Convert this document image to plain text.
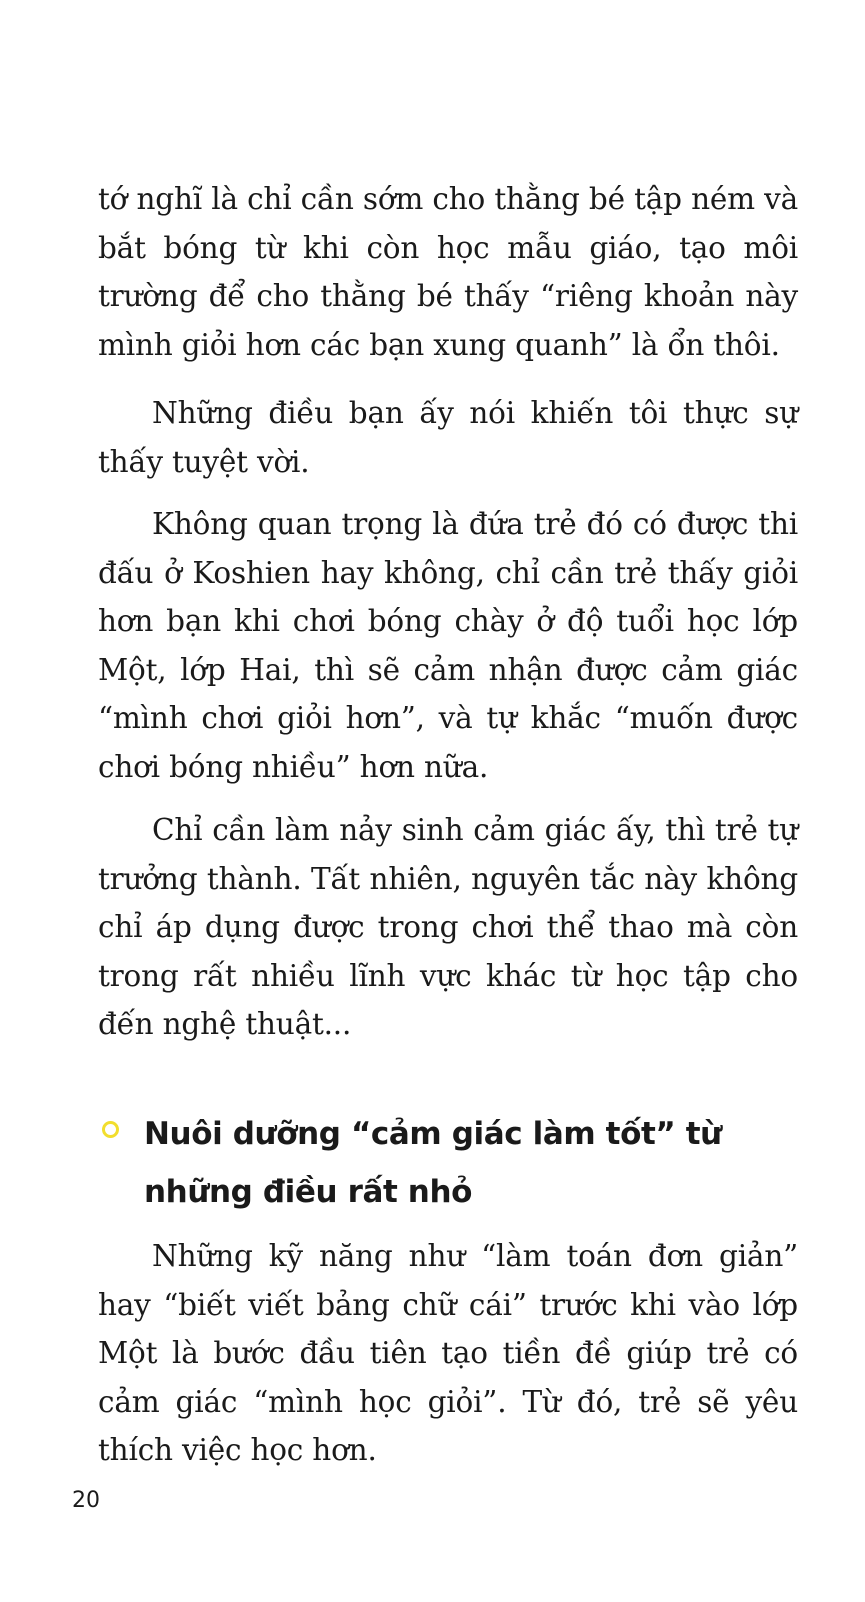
tớ nghĩ là chỉ cần sớm cho thằng bé tập ném và bắt bóng từ khi còn học mẫu giáo, tạo môi trường để cho thằng bé thấy “riêng khoản này mình giỏi hơn các bạn xung quanh” là ổn thôi.

Những điều bạn ấy nói khiến tôi thực sự thấy tuyệt vời.

Không quan trọng là đứa trẻ đó có được thi đấu ở Koshien hay không, chỉ cần trẻ thấy giỏi hơn bạn khi chơi bóng chày ở độ tuổi học lớp Một, lớp Hai, thì sẽ cảm nhận được cảm giác “mình chơi giỏi hơn”, và tự khắc “muốn được chơi bóng nhiều” hơn nữa.

Chỉ cần làm nảy sinh cảm giác ấy, thì trẻ tự trưởng thành. Tất nhiên, nguyên tắc này không chỉ áp dụng được trong chơi thể thao mà còn trong rất nhiều lĩnh vực khác từ học tập cho đến nghệ thuật...

Nuôi dưỡng “cảm giác làm tốt” từ những điều rất nhỏ

Những kỹ năng như “làm toán đơn giản” hay “biết viết bảng chữ cái” trước khi vào lớp Một là bước đầu tiên tạo tiền đề giúp trẻ có cảm giác “mình học giỏi”. Từ đó, trẻ sẽ yêu thích việc học hơn.

20
